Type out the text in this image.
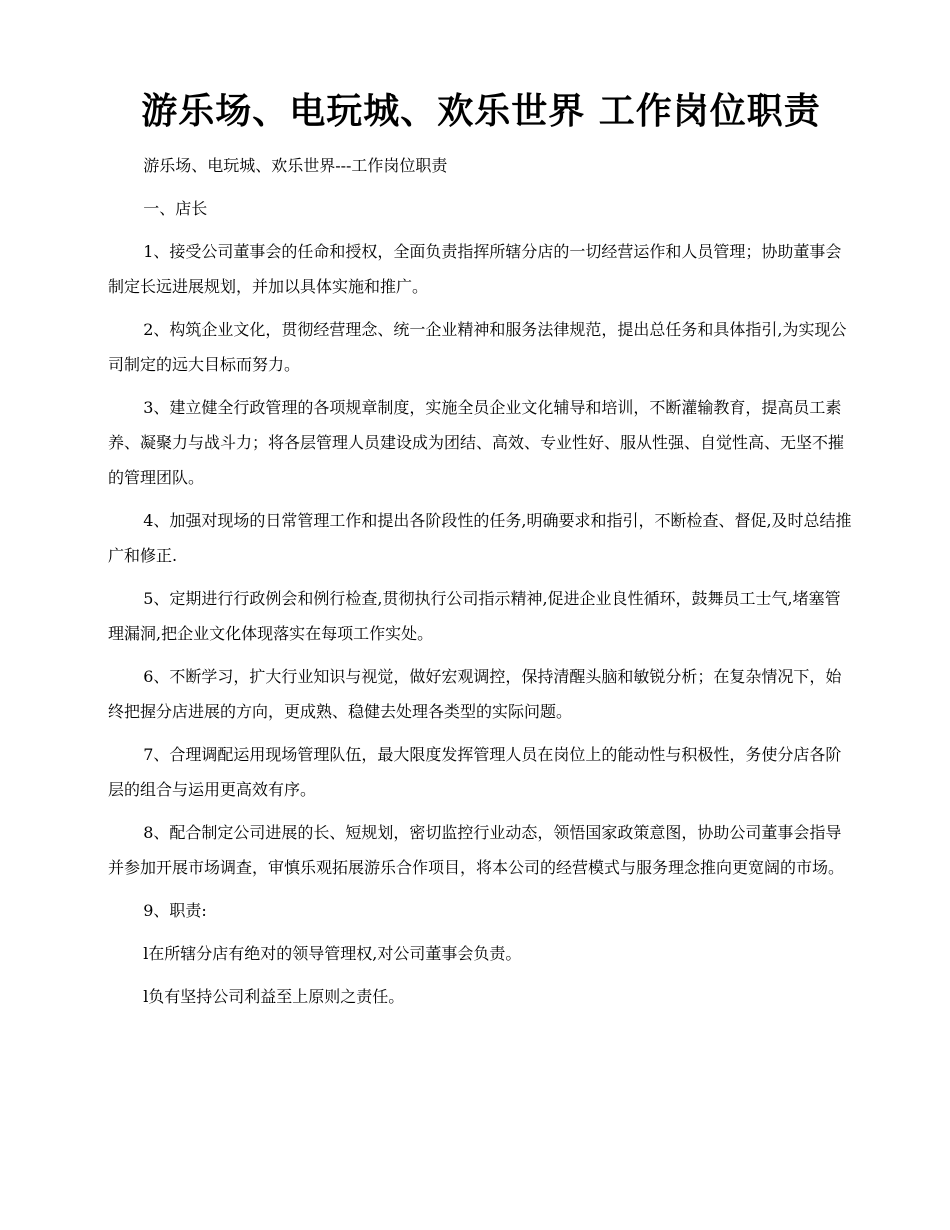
游乐场、电玩城、欢乐世界 工作岗位职责

游乐场、电玩城、欢乐世界---工作岗位职责

一、店长

1、接受公司董事会的任命和授权，全面负责指挥所辖分店的一切经营运作和人员管理；协助董事会制定长远进展规划，并加以具体实施和推广。

2、构筑企业文化，贯彻经营理念、统一企业精神和服务法律规范，提出总任务和具体指引,为实现公司制定的远大目标而努力。

3、建立健全行政管理的各项规章制度，实施全员企业文化辅导和培训，不断灌输教育，提高员工素养、凝聚力与战斗力；将各层管理人员建设成为团结、高效、专业性好、服从性强、自觉性高、无坚不摧的管理团队。

4、加强对现场的日常管理工作和提出各阶段性的任务,明确要求和指引，不断检查、督促,及时总结推广和修正.

5、定期进行行政例会和例行检查,贯彻执行公司指示精神,促进企业良性循环，鼓舞员工士气,堵塞管理漏洞,把企业文化体现落实在每项工作实处。

6、不断学习，扩大行业知识与视觉，做好宏观调控，保持清醒头脑和敏锐分析；在复杂情况下，始终把握分店进展的方向，更成熟、稳健去处理各类型的实际问题。

7、合理调配运用现场管理队伍，最大限度发挥管理人员在岗位上的能动性与积极性，务使分店各阶层的组合与运用更高效有序。

8、配合制定公司进展的长、短规划，密切监控行业动态，领悟国家政策意图，协助公司董事会指导并参加开展市场调查，审慎乐观拓展游乐合作项目，将本公司的经营模式与服务理念推向更宽阔的市场。

9、职责:

l在所辖分店有绝对的领导管理权,对公司董事会负责。

l负有坚持公司利益至上原则之责任。
